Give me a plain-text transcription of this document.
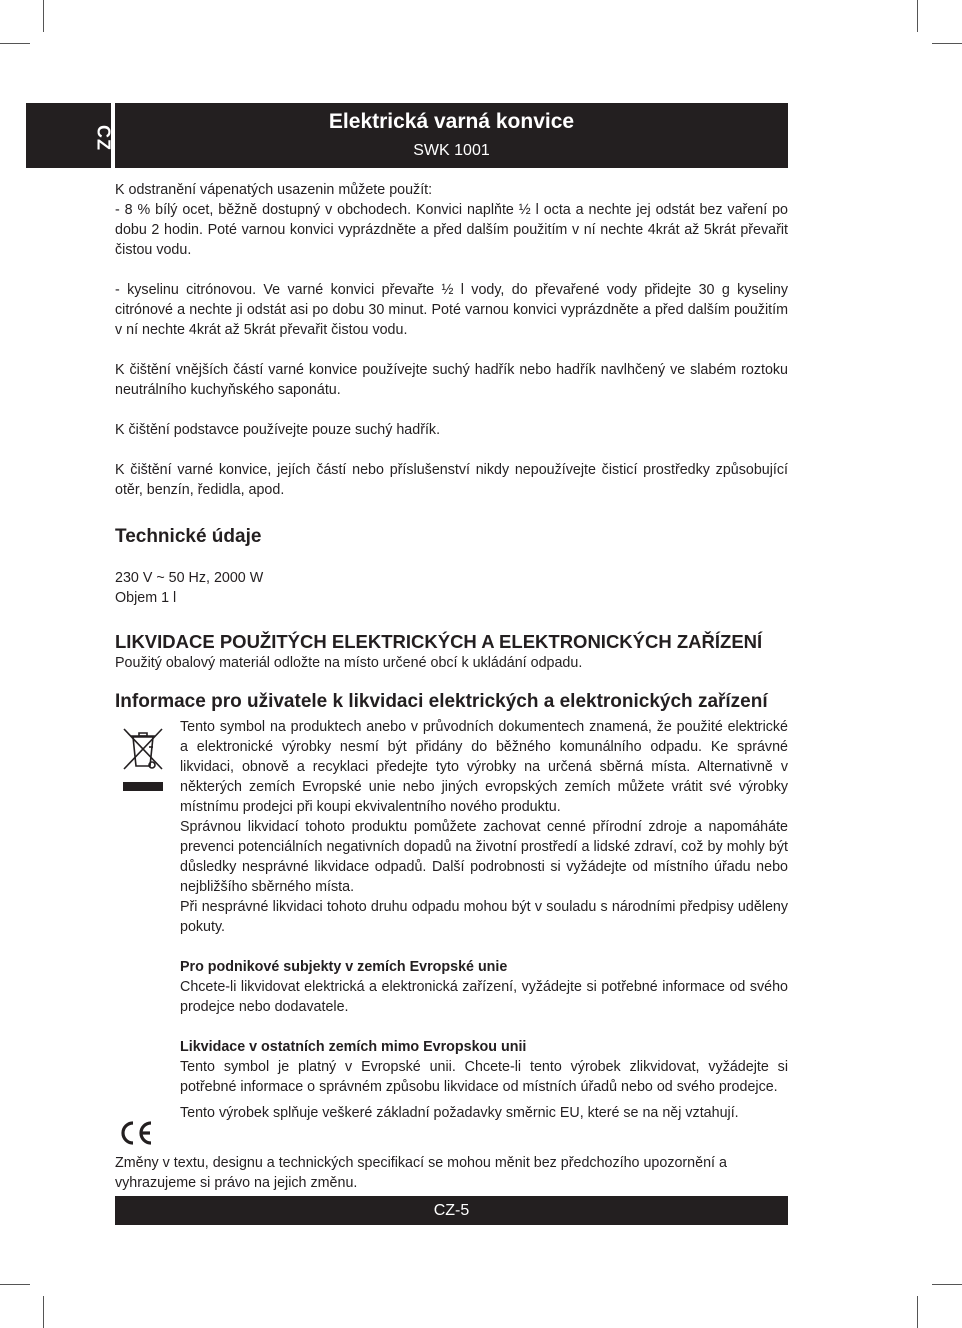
CZ
Elektrická varná konvice
SWK 1001

K odstranění vápenatých usazenin můžete použít:

- 8 % bílý ocet, běžně dostupný v obchodech. Konvici naplňte ½ l octa a nechte jej odstát bez vaření po dobu 2 hodin. Poté varnou konvici vyprázdněte a před dalším použitím v ní nechte 4krát až 5krát převařit čistou vodu.

- kyselinu citrónovou. Ve varné konvici převařte ½ l vody, do převařené vody přidejte 30 g kyseliny citrónové a nechte ji odstát asi po dobu 30 minut. Poté varnou konvici vyprázdněte a před dalším použitím v ní nechte 4krát až 5krát převařit čistou vodu.

K čištění vnějších částí varné konvice používejte suchý hadřík nebo hadřík navlhčený ve slabém roztoku neutrálního kuchyňského saponátu.

K čištění podstavce používejte pouze suchý hadřík.

K čištění varné konvice, jejích částí nebo příslušenství nikdy nepoužívejte čisticí prostředky způsobující otěr, benzín, ředidla, apod.

Technické údaje
230 V ~ 50 Hz, 2000 W
Objem 1 l
LIKVIDACE POUŽITÝCH ELEKTRICKÝCH A ELEKTRONICKÝCH ZAŘÍZENÍ
Použitý obalový materiál odložte na místo určené obcí k ukládání odpadu.
Informace pro uživatele k likvidaci elektrických a elektronických zařízení

Tento symbol na produktech anebo v průvodních dokumentech znamená, že použité elektrické a elektronické výrobky nesmí být přidány do běžného komunálního odpadu. Ke správné likvidaci, obnově a recyklaci předejte tyto výrobky na určená sběrná místa. Alternativně v některých zemích Evropské unie nebo jiných evropských zemích můžete vrátit své výrobky místnímu prodejci při koupi ekvivalentního nového produktu.

Správnou likvidací tohoto produktu pomůžete zachovat cenné přírodní zdroje a napomáháte prevenci potenciálních negativních dopadů na životní prostředí a lidské zdraví, což by mohly být důsledky nesprávné likvidace odpadů. Další podrobnosti si vyžádejte od místního úřadu nebo nejbližšího sběrného místa.

Při nesprávné likvidaci tohoto druhu odpadu mohou být v souladu s národními předpisy uděleny pokuty.

Pro podnikové subjekty v zemích Evropské unie

Chcete-li likvidovat elektrická a elektronická zařízení, vyžádejte si potřebné informace od svého prodejce nebo dodavatele.

Likvidace v ostatních zemích mimo Evropskou unii

Tento symbol je platný v Evropské unii. Chcete-li tento výrobek zlikvidovat, vyžádejte si potřebné informace o správném způsobu likvidace od místních úřadů nebo od svého prodejce.

Tento výrobek splňuje veškeré základní požadavky směrnic EU, které se na něj vztahují.

Změny v textu, designu a technických specifikací se mohou měnit bez předchozího upozornění a vyhrazujeme si právo na jejich změnu.
CZ-5
